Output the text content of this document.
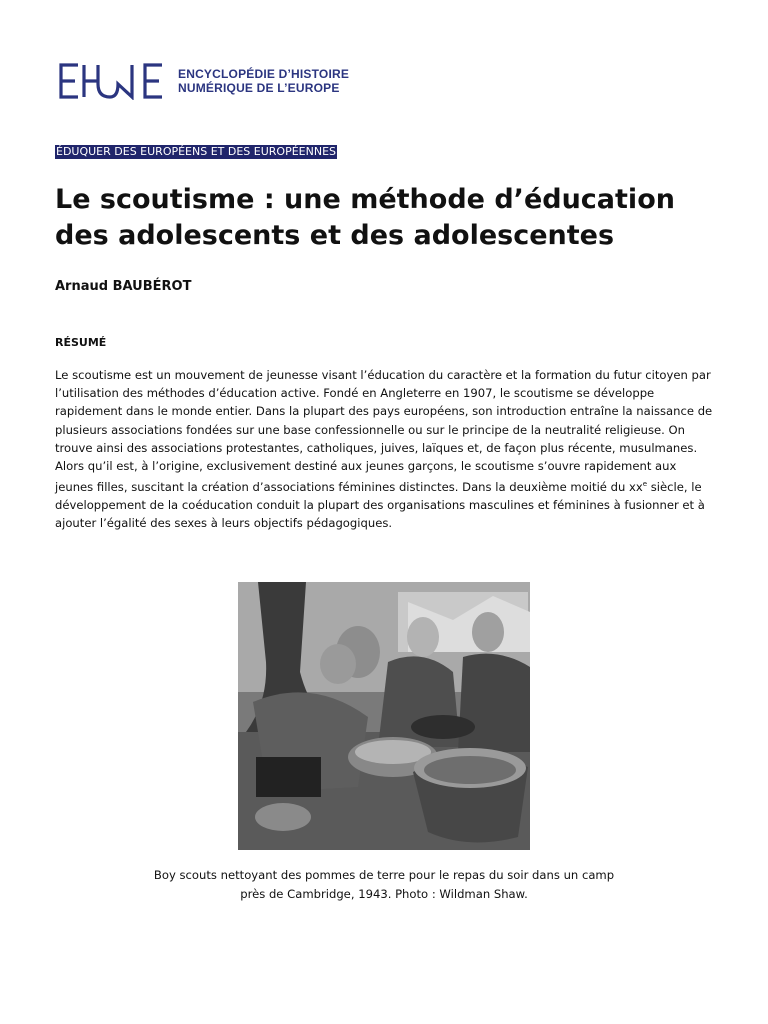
ENCYCLOPÉDIE D’HISTOIRE
NUMÉRIQUE DE L’EUROPE
ÉDUQUER DES EUROPÉENS ET DES EUROPÉENNES
Le scoutisme : une méthode d’éducation des adolescents et des adolescentes
Arnaud BAUBÉROT
RÉSUMÉ

Le scoutisme est un mouvement de jeunesse visant l’éducation du caractère et la formation du futur citoyen par l’utilisation des méthodes d’éducation active. Fondé en Angleterre en 1907, le scoutisme se développe rapidement dans le monde entier. Dans la plupart des pays européens, son introduction entraîne la naissance de plusieurs associations fondées sur une base confessionnelle ou sur le principe de la neutralité religieuse. On trouve ainsi des associations protestantes, catholiques, juives, laïques et, de façon plus récente, musulmanes. Alors qu’il est, à l’origine, exclusivement destiné aux jeunes garçons, le scoutisme s’ouvre rapidement aux jeunes filles, suscitant la création d’associations féminines distinctes. Dans la deuxième moitié du $xx^e$ siècle, le développement de la coéducation conduit la plupart des organisations masculines et féminines à fusionner et à ajouter l’égalité des sexes à leurs objectifs pédagogiques.

Boy scouts nettoyant des pommes de terre pour le repas du soir dans un camp
près de Cambridge, 1943. Photo : Wildman Shaw.
